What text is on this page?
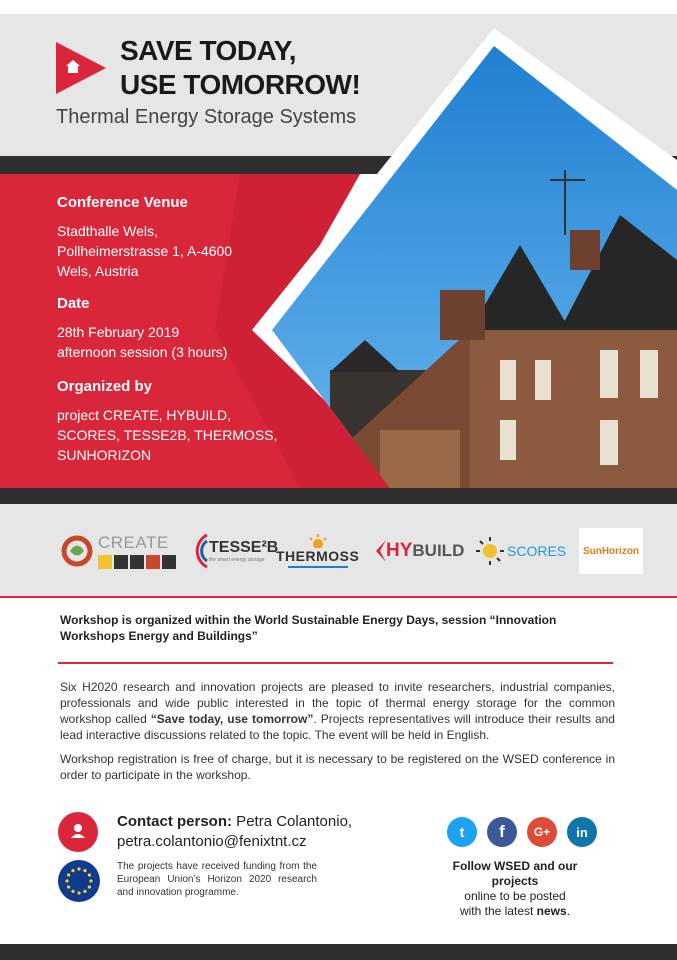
SAVE TODAY,
USE TOMORROW!
Thermal Energy Storage Systems
Conference Venue
Stadthalle Wels,
Pollheimerstrasse 1, A-4600
Wels, Austria
Date
28th February 2019
afternoon session (3 hours)
Organized by
project CREATE, HYBUILD,
SCORES, TESSE2B, THERMOSS,
SUNHORIZON
CREATE	TESSE²B
the smart energy storage THERMOSS HY BUILD	SCORES SunHorizon
Workshop is organized within the World Sustainable Energy Days, session “Innovation Workshops Energy and Buildings”

Six H2020 research and innovation projects are pleased to invite researchers, industrial companies, professionals and wide public interested in the topic of thermal energy storage for the common workshop called “Save today, use tomorrow”. Projects representatives will introduce their results and lead interactive discussions related to the topic. The event will be held in English.

Workshop registration is free of charge, but it is necessary to be registered on the WSED conference in order to participate in the workshop.

Contact person: Petra Colantonio,
petra.colantonio@fenixtnt.cz
The projects have received funding from the European Union’s Horizon 2020 research and innovation programme.
t	f	G+	in
Follow WSED and our projects
online to be posted
with the latest news.
